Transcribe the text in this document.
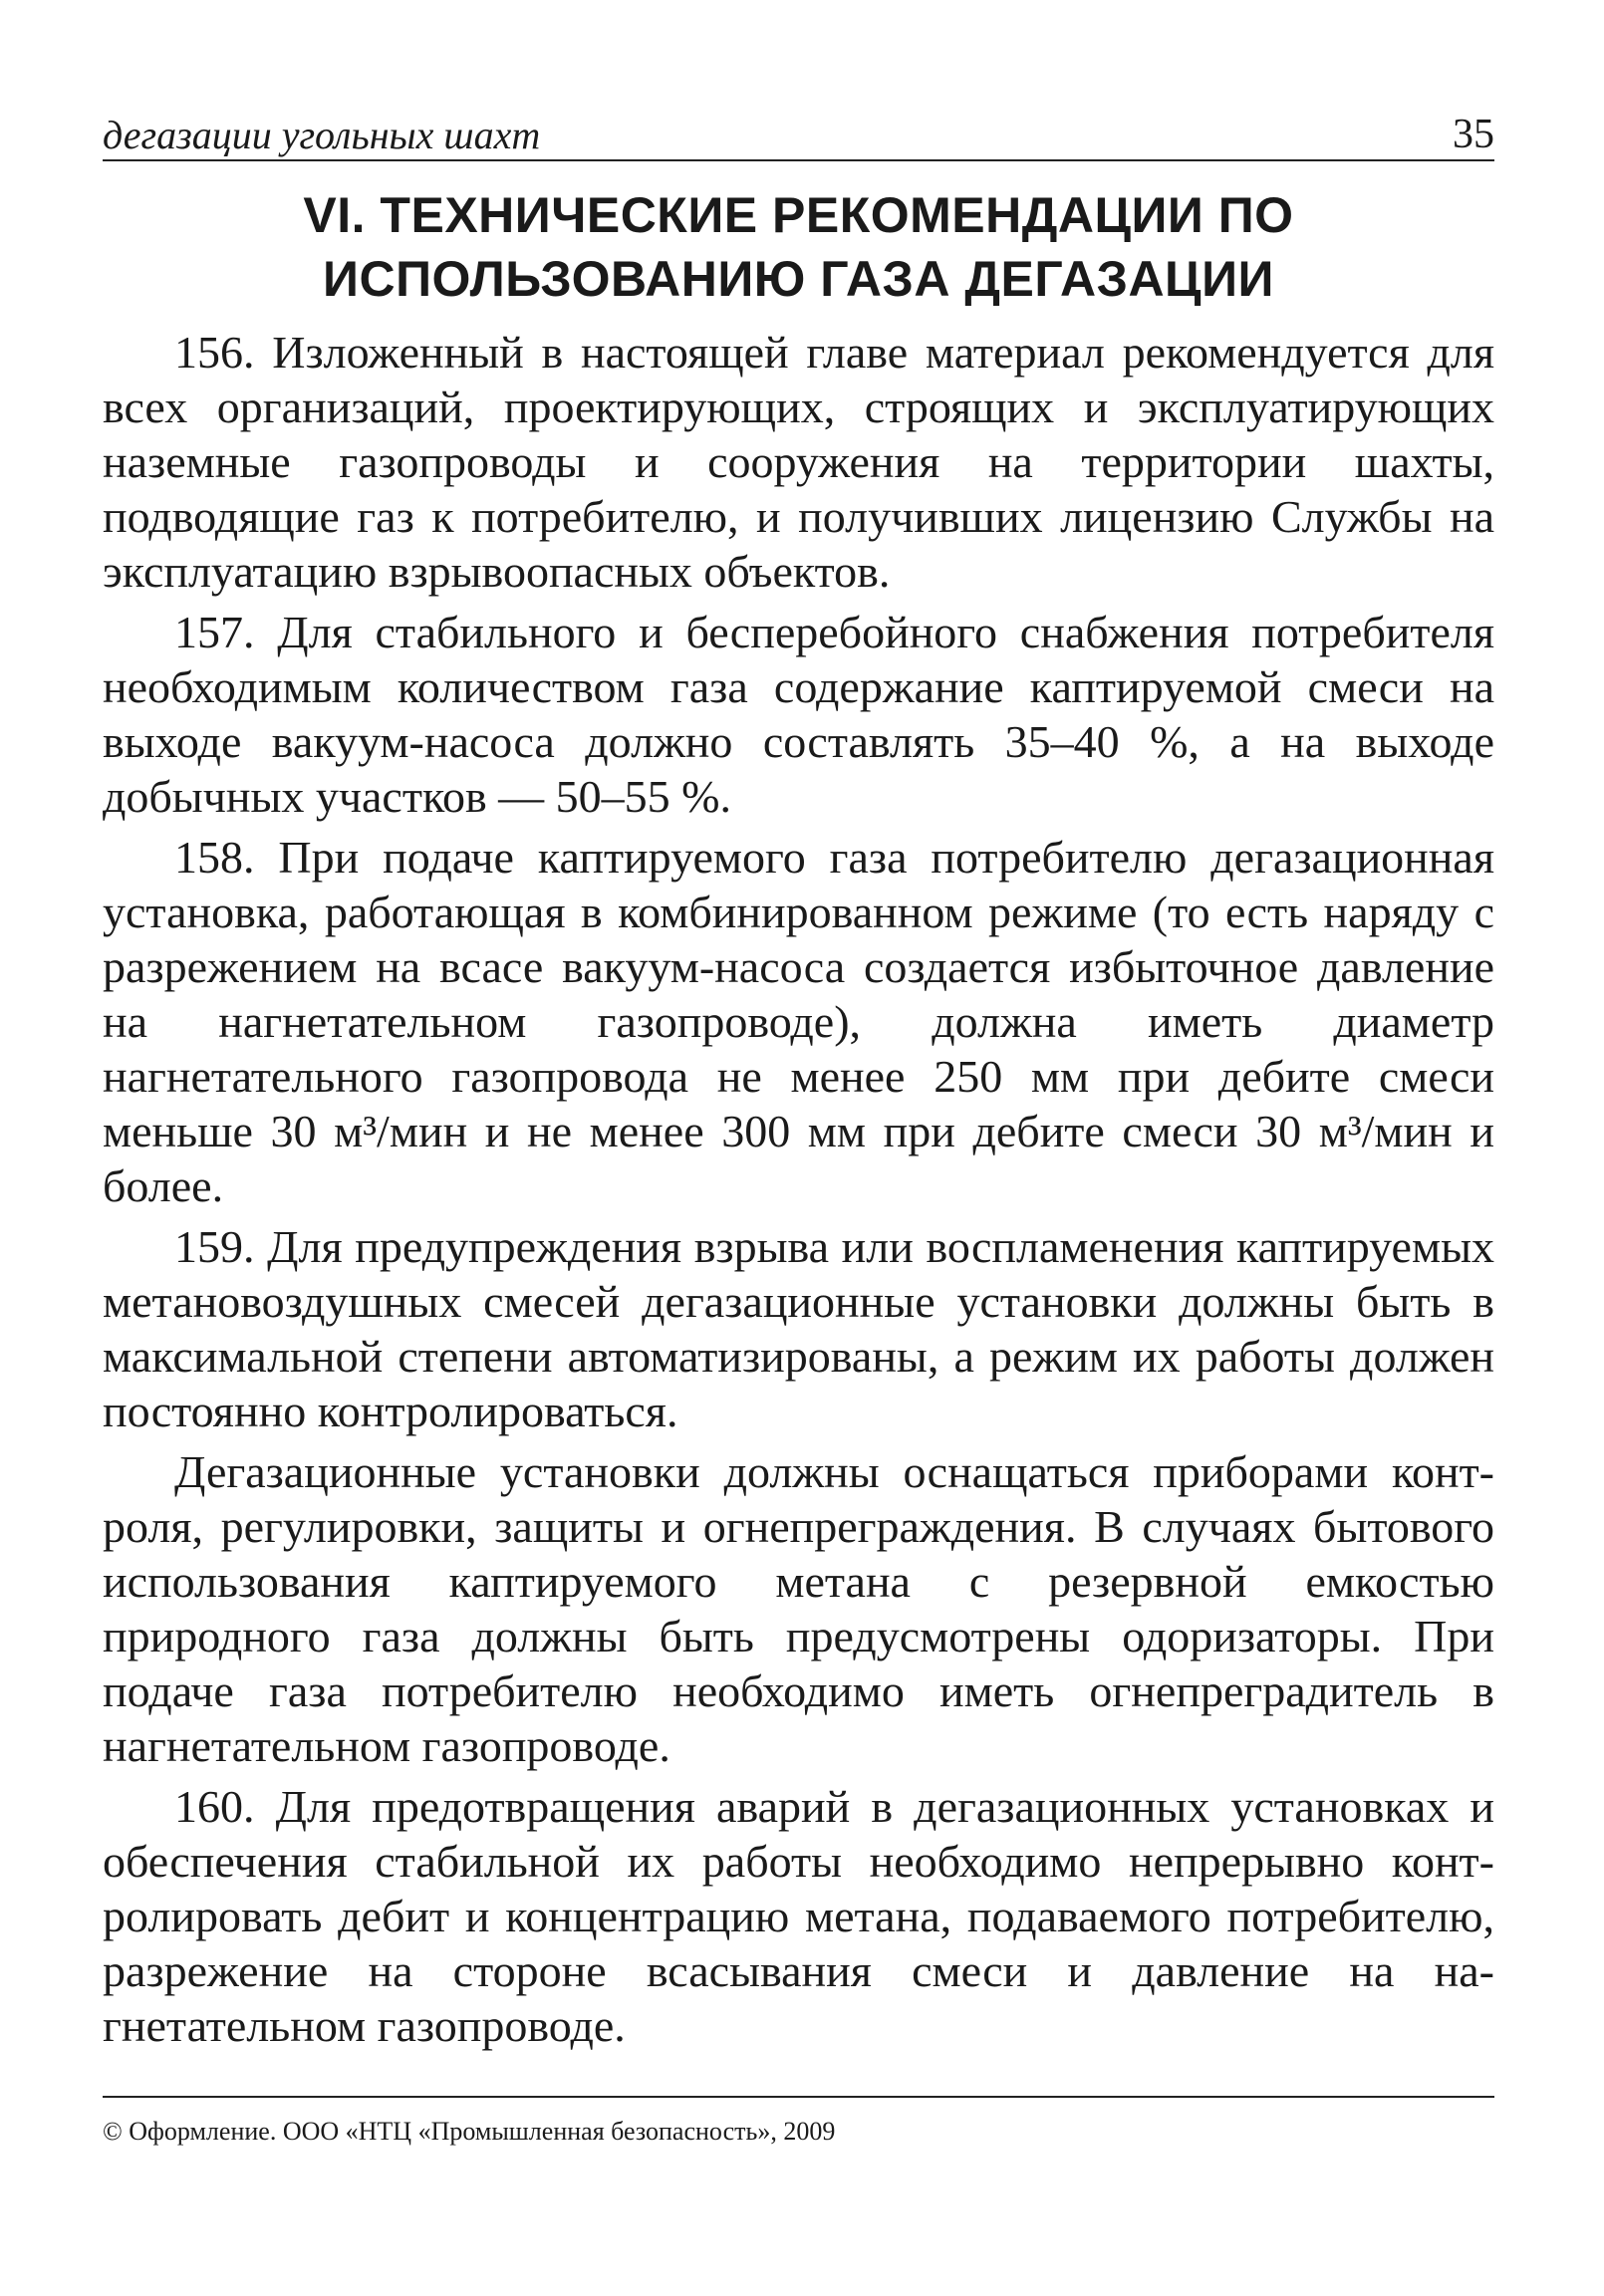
дегазации угольных шахт	35
VI. ТЕХНИЧЕСКИЕ РЕКОМЕНДАЦИИ ПО
ИСПОЛЬЗОВАНИЮ ГАЗА ДЕГАЗАЦИИ

156. Изложенный в настоящей главе материал рекомендуется для всех организаций, проектирующих, строящих и эксплуатирующих наземные газопроводы и сооружения на территории шахты, подводящие газ к потребителю, и получивших лицензию Службы на эксплуатацию взрывоопасных объектов.

157. Для стабильного и бесперебойного снабжения потребителя необходимым количеством газа содержание каптируемой смеси на выходе вакуум-насоса должно составлять 35–40 %, а на выходе добычных участков — 50–55 %.

158. При подаче каптируемого газа потребителю дегазационная установка, работающая в комбинированном режиме (то есть наряду с разрежением на всасе вакуум-насоса создается избыточное давление на нагнетательном газопроводе), должна иметь диаметр нагнетательного газопровода не менее 250 мм при дебите смеси меньше 30 м³/мин и не менее 300 мм при дебите смеси 30 м³/мин и более.

159. Для предупреждения взрыва или воспламенения каптируемых метановоздушных смесей дегазационные установки должны быть в максимальной степени автоматизированы, а режим их работы должен постоянно контролироваться.

Дегазационные установки должны оснащаться приборами контроля, регулировки, защиты и огнепреграждения. В случаях бытового использования каптируемого метана с резервной емкостью природного газа должны быть предусмотрены одоризаторы. При подаче газа потребителю необходимо иметь огнепреградитель в нагнетательном газопроводе.

160. Для предотвращения аварий в дегазационных установках и обеспечения стабильной их работы необходимо непрерывно контролировать дебит и концентрацию метана, подаваемого потребителю, разрежение на стороне всасывания смеси и давление на нагнетательном газопроводе.

© Оформление. ООО «НТЦ «Промышленная безопасность», 2009
